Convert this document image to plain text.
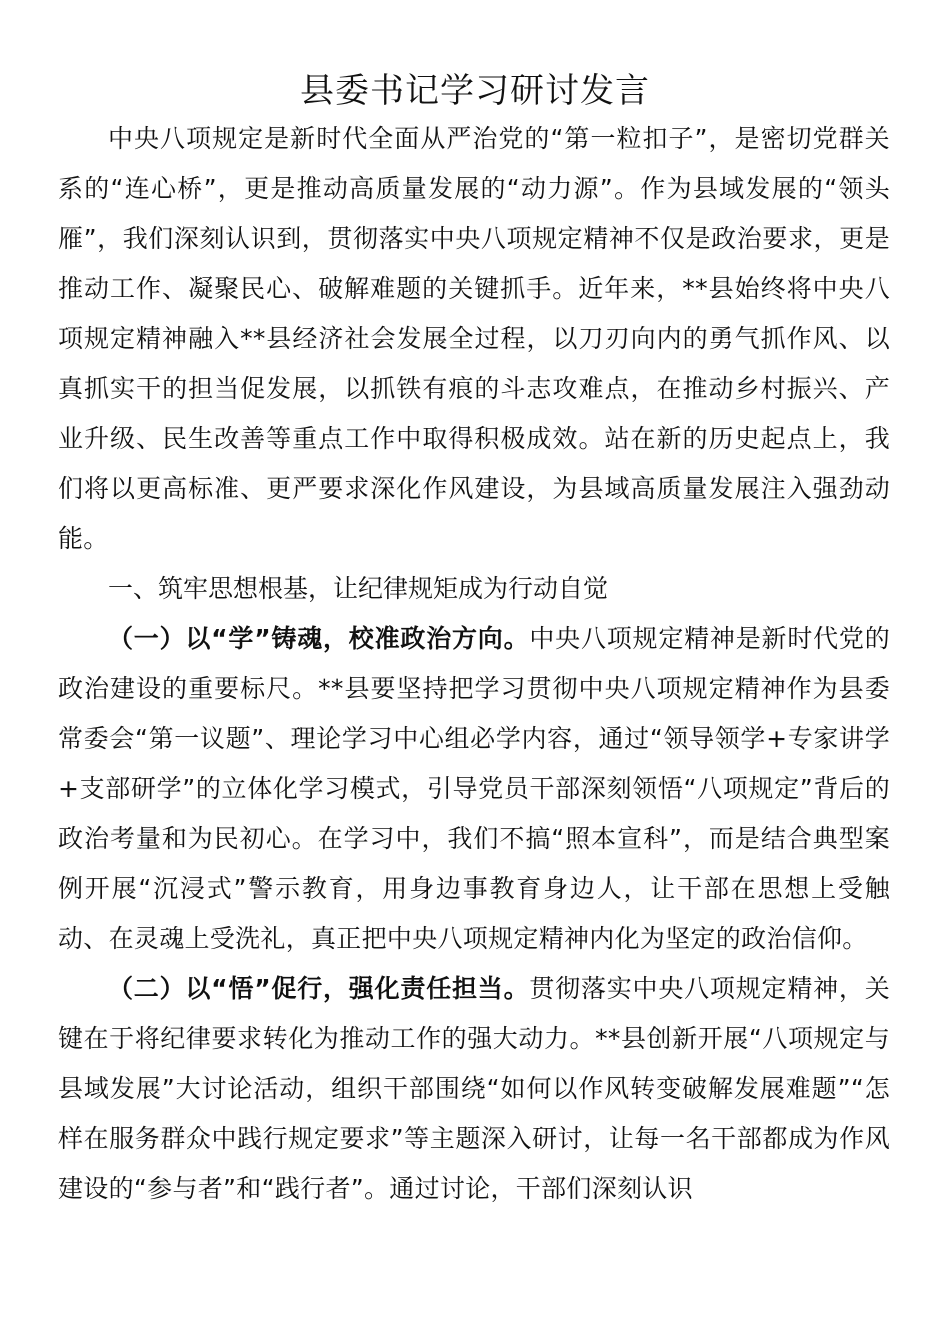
县委书记学习研讨发言

中央八项规定是新时代全面从严治党的“第一粒扣子”，是密切党群关系的“连心桥”，更是推动高质量发展的“动力源”。作为县域发展的“领头雁”，我们深刻认识到，贯彻落实中央八项规定精神不仅是政治要求，更是推动工作、凝聚民心、破解难题的关键抓手。近年来，**县始终将中央八项规定精神融入**县经济社会发展全过程，以刀刃向内的勇气抓作风、以真抓实干的担当促发展，以抓铁有痕的斗志攻难点，在推动乡村振兴、产业升级、民生改善等重点工作中取得积极成效。站在新的历史起点上，我们将以更高标准、更严要求深化作风建设，为县域高质量发展注入强劲动能。

一、筑牢思想根基，让纪律规矩成为行动自觉

（一）以“学”铸魂，校准政治方向。中央八项规定精神是新时代党的政治建设的重要标尺。**县要坚持把学习贯彻中央八项规定精神作为县委常委会“第一议题”、理论学习中心组必学内容，通过“领导领学+专家讲学+支部研学”的立体化学习模式，引导党员干部深刻领悟“八项规定”背后的政治考量和为民初心。在学习中，我们不搞“照本宣科”，而是结合典型案例开展“沉浸式”警示教育，用身边事教育身边人，让干部在思想上受触动、在灵魂上受洗礼，真正把中央八项规定精神内化为坚定的政治信仰。

（二）以“悟”促行，强化责任担当。贯彻落实中央八项规定精神，关键在于将纪律要求转化为推动工作的强大动力。**县创新开展“八项规定与县域发展”大讨论活动，组织干部围绕“如何以作风转变破解发展难题”“怎样在服务群众中践行规定要求”等主题深入研讨，让每一名干部都成为作风建设的“参与者”和“践行者”。通过讨论，干部们深刻认识
